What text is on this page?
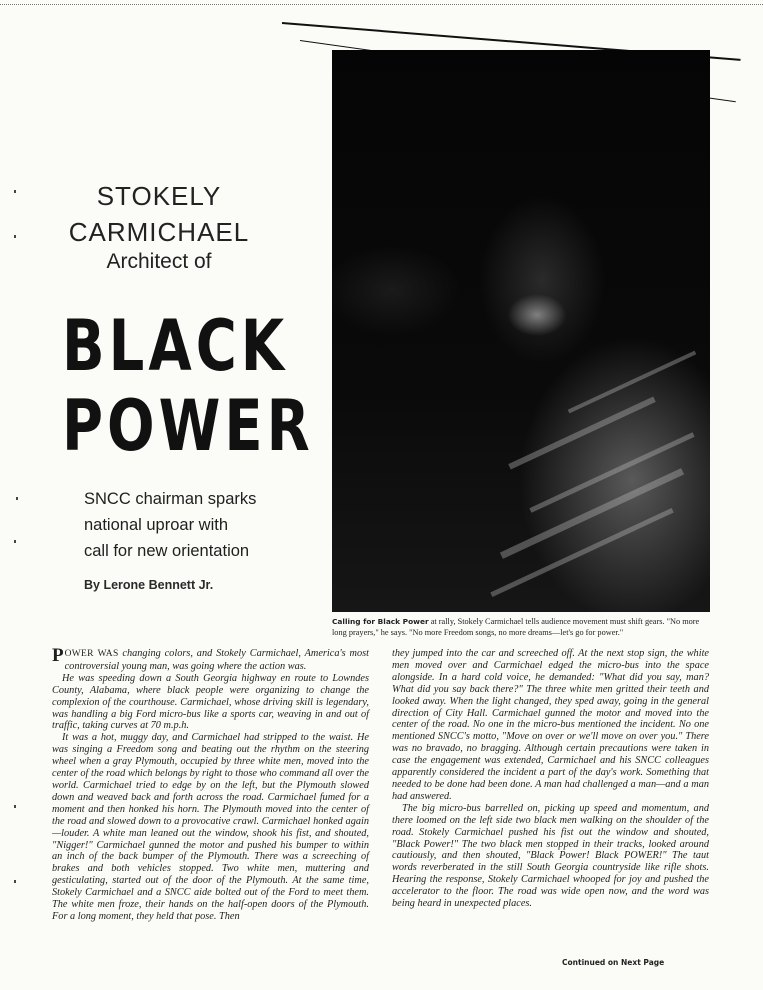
STOKELY
CARMICHAEL
Architect of
BLACK
POWER
SNCC chairman sparks
national uproar with
call for new orientation
By Lerone Bennett Jr.
Calling for Black Power at rally, Stokely Carmichael tells audience movement must shift gears. "No more long prayers," he says. "No more Freedom songs, no more dreams—let's go for power."

POWER WAS changing colors, and Stokely Carmichael, America's most controversial young man, was going where the action was.

He was speeding down a South Georgia highway en route to Lowndes County, Alabama, where black people were organizing to change the complexion of the courthouse. Carmichael, whose driving skill is legendary, was handling a big Ford micro-bus like a sports car, weaving in and out of traffic, taking curves at 70 m.p.h.

It was a hot, muggy day, and Carmichael had stripped to the waist. He was singing a Freedom song and beating out the rhythm on the steering wheel when a gray Plymouth, occupied by three white men, moved into the center of the road which belongs by right to those who command all over the world. Carmichael tried to edge by on the left, but the Plymouth slowed down and weaved back and forth across the road. Carmichael fumed for a moment and then honked his horn. The Plymouth moved into the center of the road and slowed down to a provocative crawl. Carmichael honked again—louder. A white man leaned out the window, shook his fist, and shouted, "Nigger!" Carmichael gunned the motor and pushed his bumper to within an inch of the back bumper of the Plymouth. There was a screeching of brakes and both vehicles stopped. Two white men, muttering and gesticulating, started out of the door of the Plymouth. At the same time, Stokely Carmichael and a SNCC aide bolted out of the Ford to meet them. The white men froze, their hands on the half-open doors of the Plymouth. For a long moment, they held that pose. Then

they jumped into the car and screeched off. At the next stop sign, the white men moved over and Carmichael edged the micro-bus into the space alongside. In a hard cold voice, he demanded: "What did you say, man? What did you say back there?" The three white men gritted their teeth and looked away. When the light changed, they sped away, going in the general direction of City Hall. Carmichael gunned the motor and moved into the center of the road. No one in the micro-bus mentioned the incident. No one mentioned SNCC's motto, "Move on over or we'll move on over you." There was no bravado, no bragging. Although certain precautions were taken in case the engagement was extended, Carmichael and his SNCC colleagues apparently considered the incident a part of the day's work. Something that needed to be done had been done. A man had challenged a man—and a man had answered.

The big micro-bus barrelled on, picking up speed and momentum, and there loomed on the left side two black men walking on the shoulder of the road. Stokely Carmichael pushed his fist out the window and shouted, "Black Power!" The two black men stopped in their tracks, looked around cautiously, and then shouted, "Black Power! Black POWER!" The taut words reverberated in the still South Georgia countryside like rifle shots. Hearing the response, Stokely Carmichael whooped for joy and pushed the accelerator to the floor. The road was wide open now, and the word was being heard in unexpected places.

Continued on Next Page
